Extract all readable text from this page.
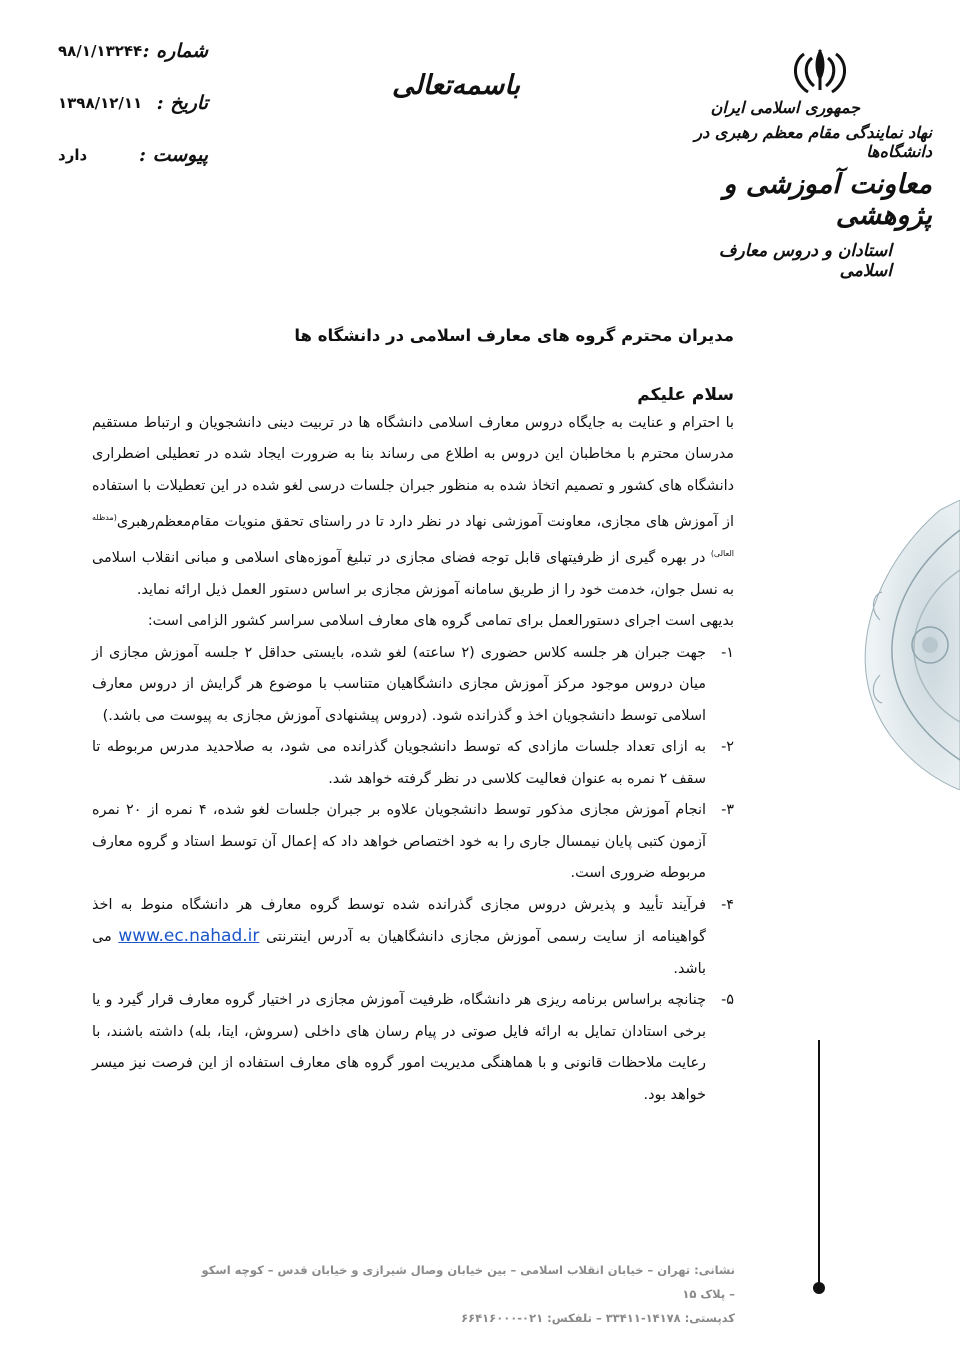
شماره :
۹۸/۱/۱۳۲۴۴
تاریخ :
۱۳۹۸/۱۲/۱۱
پیوست :
دارد
باسمه‌تعالی
جمهوری اسلامی ایران
نهاد نمایندگی مقام معظم رهبری در دانشگاه‌ها
معاونت آموزشی و پژوهشی
استادان و دروس معارف اسلامی

مدیران محترم گروه های معارف اسلامی در دانشگاه ها

سلام علیکم

با احترام و عنایت به جایگاه دروس معارف اسلامی دانشگاه ها در تربیت دینی دانشجویان و ارتباط مستقیم مدرسان محترم با مخاطبان این دروس به اطلاع می رساند بنا به ضرورت ایجاد شده در تعطیلی اضطراری دانشگاه های کشور و تصمیم اتخاذ شده به منظور جبران جلسات درسی لغو شده در این تعطیلات با استفاده از آموزش های مجازی، معاونت آموزشی نهاد در نظر دارد تا در راستای تحقق منویات مقام‌معظم‌رهبری$^{(مدظله العالی)}$ در بهره گیری از ظرفیتهای قابل توجه فضای مجازی در تبلیغ آموزه‌های اسلامی و مبانی انقلاب اسلامی به نسل جوان، خدمت خود را از طریق سامانه آموزش مجازی بر اساس دستور العمل ذیل ارائه نماید.

بدیهی است اجرای دستورالعمل برای تمامی گروه های معارف اسلامی سراسر کشور الزامی است:

۱-
جهت جبران هر جلسه کلاس حضوری (۲ ساعته) لغو شده، بایستی حداقل ۲ جلسه آموزش مجازی از میان دروس موجود مرکز آموزش مجازی دانشگاهیان متناسب با موضوع هر گرایش از دروس معارف اسلامی توسط دانشجویان اخذ و گذرانده شود. (دروس پیشنهادی آموزش مجازی به پیوست می باشد.)
۲-
به ازای تعداد جلسات مازادی که توسط دانشجویان گذرانده می شود، به صلاحدید مدرس مربوطه تا سقف ۲ نمره به عنوان فعالیت کلاسی در نظر گرفته خواهد شد.
۳-
انجام آموزش مجازی مذکور توسط دانشجویان علاوه بر جبران جلسات لغو شده، ۴ نمره از ۲۰ نمره آزمون کتبی پایان نیمسال جاری را به خود اختصاص خواهد داد که إعمال آن توسط استاد و گروه معارف مربوطه ضروری است.
۴-
فرآیند تأیید و پذیرش دروس مجازی گذرانده شده توسط گروه معارف هر دانشگاه منوط به اخذ گواهینامه از سایت رسمی آموزش مجازی دانشگاهیان به آدرس اینترنتی www.ec.nahad.ir می باشد.
۵-
چنانچه براساس برنامه ریزی هر دانشگاه، ظرفیت آموزش مجازی در اختیار گروه معارف قرار گیرد و یا برخی استادان تمایل به ارائه فایل صوتی در پیام رسان های داخلی (سروش، ایتا، بله) داشته باشند، با رعایت ملاحظات قانونی و با هماهنگی مدیریت امور گروه های معارف استفاده از این فرصت نیز میسر خواهد بود.
نشانی: تهران – خیابان انقلاب اسلامی – بین خیابان وصال شیرازی و خیابان قدس – کوچه اسکو – پلاک ۱۵
کدپستی: ۱۴۱۷۸-۳۳۴۱۱ – تلفکس: ۰۲۱-۶۶۴۱۶۰۰۰
